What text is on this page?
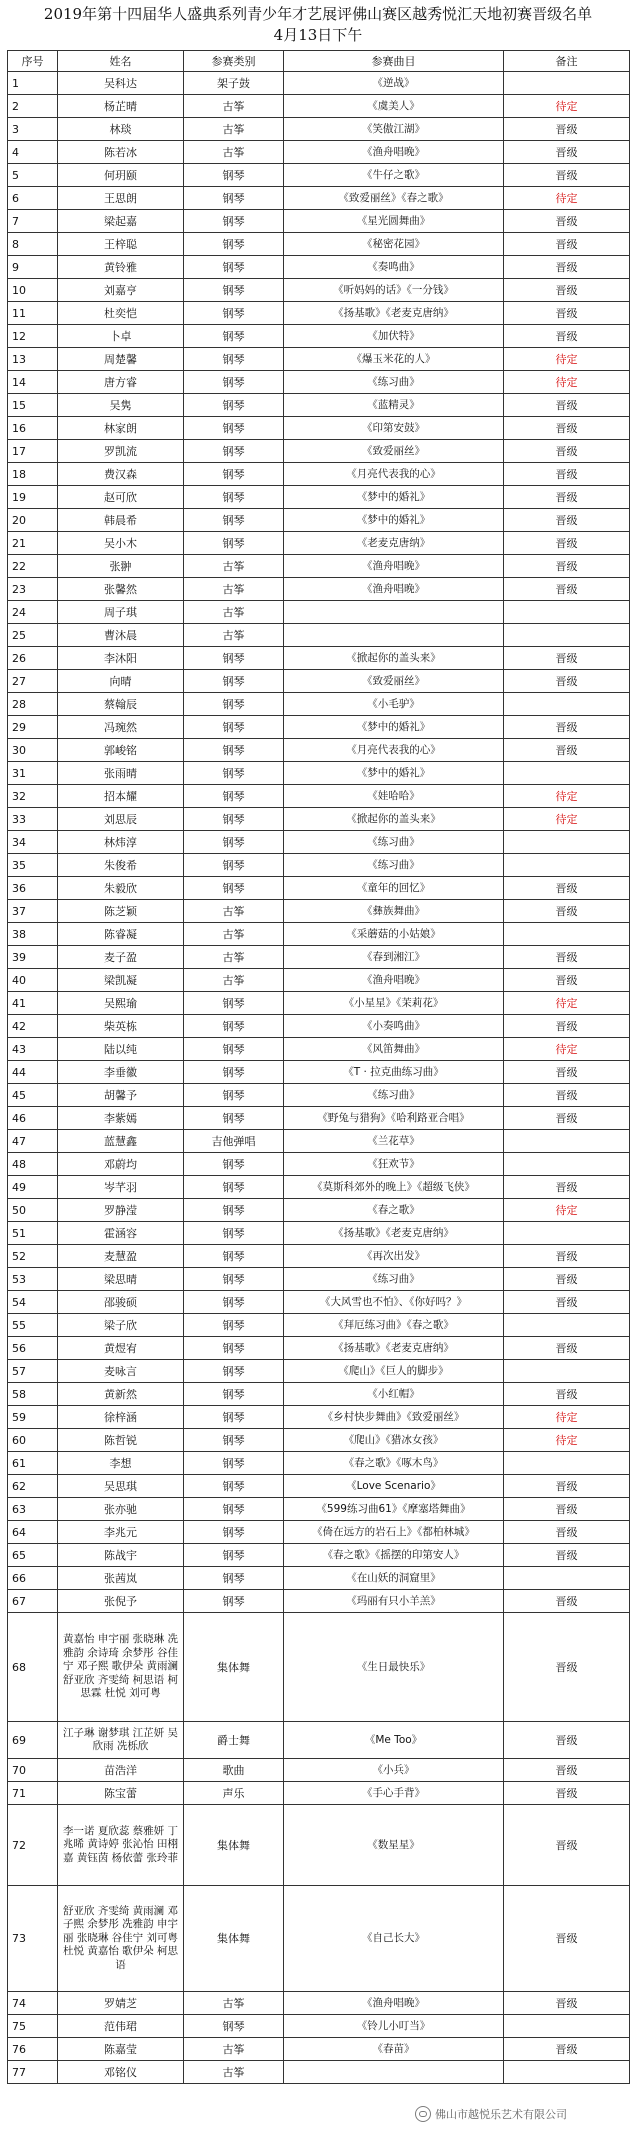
2019年第十四届华人盛典系列青少年才艺展评佛山赛区越秀悦汇天地初赛晋级名单
4月13日下午
序号	姓名	参赛类别	参赛曲目	备注
1	吴科达	架子鼓	《逆战》	
2	杨芷晴	古筝	《虞美人》	待定
3	林琰	古筝	《笑傲江湖》	晋级
4	陈若冰	古筝	《渔舟唱晚》	晋级
5	何玥颐	钢琴	《牛仔之歌》	晋级
6	王思朗	钢琴	《致爱丽丝》《春之歌》	待定
7	梁起嘉	钢琴	《星光圆舞曲》	晋级
8	王梓聪	钢琴	《秘密花园》	晋级
9	黄铃雅	钢琴	《奏鸣曲》	晋级
10	刘嘉亨	钢琴	《听妈妈的话》《一分钱》	晋级
11	杜奕恺	钢琴	《扬基歌》《老麦克唐纳》	晋级
12	卜卓	钢琴	《加伏特》	晋级
13	周楚馨	钢琴	《爆玉米花的人》	待定
14	唐方睿	钢琴	《练习曲》	待定
15	吴隽	钢琴	《蓝精灵》	晋级
16	林家朗	钢琴	《印第安鼓》	晋级
17	罗凯流	钢琴	《致爱丽丝》	晋级
18	费汉森	钢琴	《月亮代表我的心》	晋级
19	赵可欣	钢琴	《梦中的婚礼》	晋级
20	韩晨希	钢琴	《梦中的婚礼》	晋级
21	吴小木	钢琴	《老麦克唐纳》	晋级
22	张翀	古筝	《渔舟唱晚》	晋级
23	张馨然	古筝	《渔舟唱晚》	晋级
24	周子琪	古筝		
25	曹沐晨	古筝		
26	李沐阳	钢琴	《掀起你的盖头来》	晋级
27	向晴	钢琴	《致爱丽丝》	晋级
28	蔡翰辰	钢琴	《小毛驴》	
29	冯琬然	钢琴	《梦中的婚礼》	晋级
30	郭峻铭	钢琴	《月亮代表我的心》	晋级
31	张雨晴	钢琴	《梦中的婚礼》	
32	招本耀	钢琴	《娃哈哈》	待定
33	刘思辰	钢琴	《掀起你的盖头来》	待定
34	林炜淳	钢琴	《练习曲》	
35	朱俊希	钢琴	《练习曲》	
36	朱毅欣	钢琴	《童年的回忆》	晋级
37	陈芝颖	古筝	《彝族舞曲》	晋级
38	陈睿凝	古筝	《采蘑菇的小姑娘》	
39	麦子盈	古筝	《春到湘江》	晋级
40	梁凯凝	古筝	《渔舟唱晚》	晋级
41	吴熙瑜	钢琴	《小星星》《茉莉花》	待定
42	柴英栋	钢琴	《小奏鸣曲》	晋级
43	陆以纯	钢琴	《风笛舞曲》	待定
44	李垂徽	钢琴	《T · 拉克曲练习曲》	晋级
45	胡馨予	钢琴	《练习曲》	晋级
46	李紫嫣	钢琴	《野兔与猎狗》《哈利路亚合唱》	晋级
47	蓝慧鑫	吉他弹唱	《兰花草》	
48	邓蔚均	钢琴	《狂欢节》	
49	岑芊羽	钢琴	《莫斯科郊外的晚上》《超级飞侠》	晋级
50	罗静滢	钢琴	《春之歌》	待定
51	霍涵容	钢琴	《扬基歌》《老麦克唐纳》	
52	麦慧盈	钢琴	《再次出发》	晋级
53	梁思晴	钢琴	《练习曲》	晋级
54	邵骏硕	钢琴	《大风雪也不怕》、《你好吗？》	晋级
55	梁子欣	钢琴	《拜厄练习曲》《春之歌》	
56	黄煜宥	钢琴	《扬基歌》《老麦克唐纳》	晋级
57	麦咏言	钢琴	《爬山》《巨人的脚步》	
58	黄新然	钢琴	《小红帽》	晋级
59	徐梓涵	钢琴	《乡村快步舞曲》《致爱丽丝》	待定
60	陈哲锐	钢琴	《爬山》《猎冰女孩》	待定
61	李想	钢琴	《春之歌》《啄木鸟》	
62	吴思琪	钢琴	《Love Scenario》	晋级
63	张亦驰	钢琴	《599练习曲61》《摩塞塔舞曲》	晋级
64	李兆元	钢琴	《倚在远方的岩石上》《都柏林城》	晋级
65	陈战宇	钢琴	《春之歌》《摇摆的印第安人》	晋级
66	张茜岚	钢琴	《在山妖的洞窟里》	
67	张倪予	钢琴	《玛丽有只小羊羔》	晋级
68	黄嘉怡 申宇丽 张晓琳 冼雅韵 余诗琦 余梦彤 谷佳宁 邓子熙 歌伊朵 黄雨澜 舒亚欣 齐雯绮 柯思语 柯思霖 杜悦 刘可粤	集体舞	《生日最快乐》	晋级
69	江子琳 谢梦琪 江芷妍 吴欣雨 冼栎欣	爵士舞	《Me Too》	晋级
70	苗浩洋	歌曲	《小兵》	晋级
71	陈宝蕾	声乐	《手心手背》	晋级
72	李一诺 夏欣蕊 蔡雅妍 丁兆晞 黄诗婷 张沁怡 田栩嘉 黄钰茵 杨依蕾 张玲菲	集体舞	《数星星》	晋级
73	舒亚欣 齐雯绮 黄雨澜 邓子熙 余梦彤 冼雅韵 申宇丽 张晓琳 谷佳宁 刘可粤 杜悦 黄嘉怡 歌伊朵 柯思语	集体舞	《自己长大》	晋级
74	罗婧芝	古筝	《渔舟唱晚》	晋级
75	范伟珺	钢琴	《铃儿小叮当》	
76	陈嘉莹	古筝	《春苗》	晋级
77	邓铭仪	古筝		
佛山市越悦乐艺术有限公司
